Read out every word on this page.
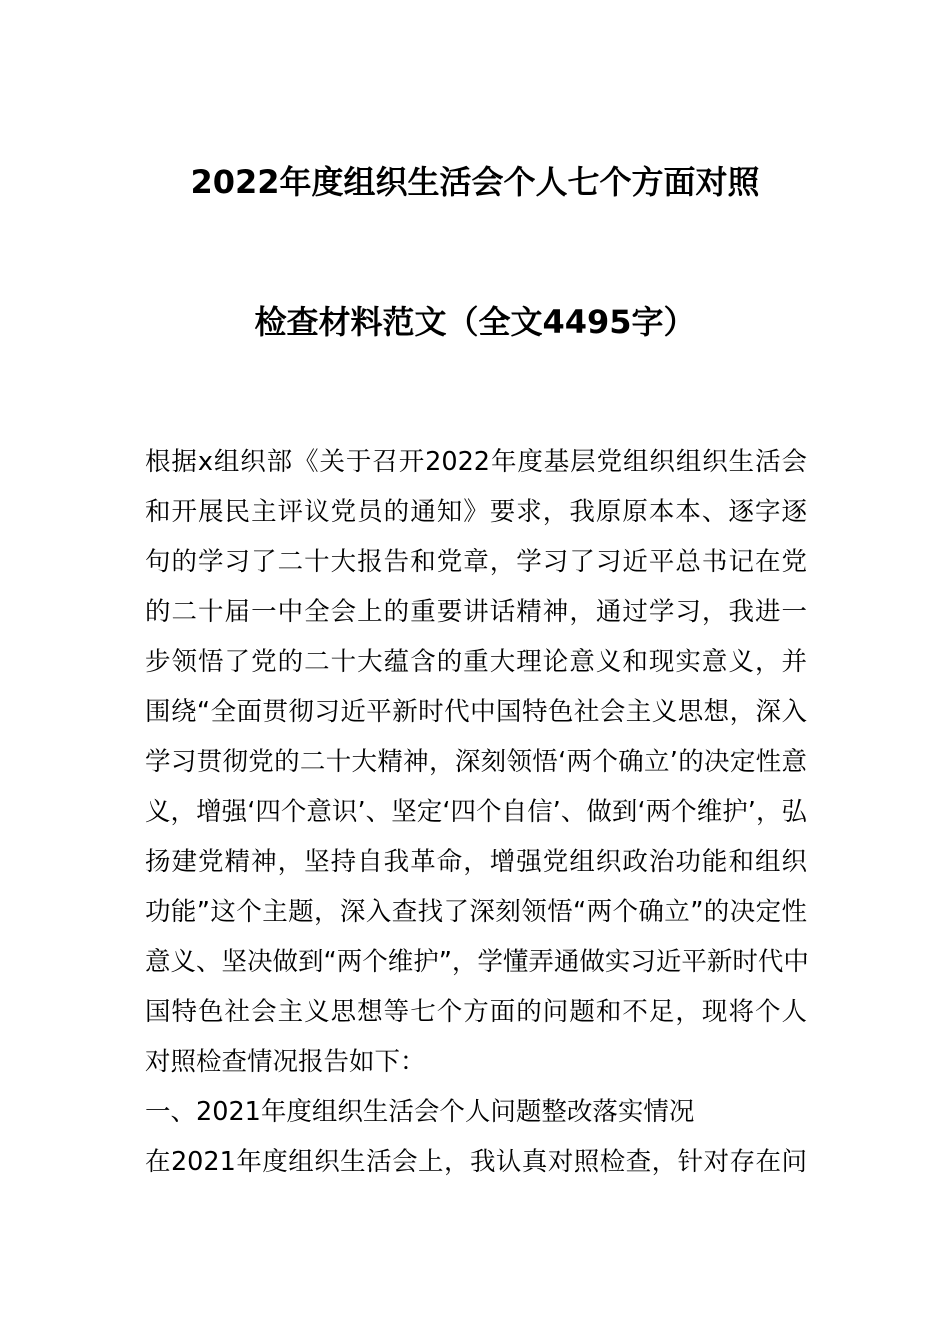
2022年度组织生活会个人七个方面对照
检查材料范文（全文4495字）
根据x组织部《关于召开2022年度基层党组织组织生活会
和开展民主评议党员的通知》要求，我原原本本、逐字逐
句的学习了二十大报告和党章，学习了习近平总书记在党
的二十届一中全会上的重要讲话精神，通过学习，我进一
步领悟了党的二十大蕴含的重大理论意义和现实意义，并
围绕“全面贯彻习近平新时代中国特色社会主义思想，深入
学习贯彻党的二十大精神，深刻领悟‘两个确立’的决定性意
义，增强‘四个意识’、坚定‘四个自信’、做到‘两个维护’，弘
扬建党精神，坚持自我革命，增强党组织政治功能和组织
功能”这个主题，深入查找了深刻领悟“两个确立”的决定性
意义、坚决做到“两个维护”，学懂弄通做实习近平新时代中
国特色社会主义思想等七个方面的问题和不足，现将个人
对照检查情况报告如下：
一、2021年度组织生活会个人问题整改落实情况
在2021年度组织生活会上，我认真对照检查，针对存在问
